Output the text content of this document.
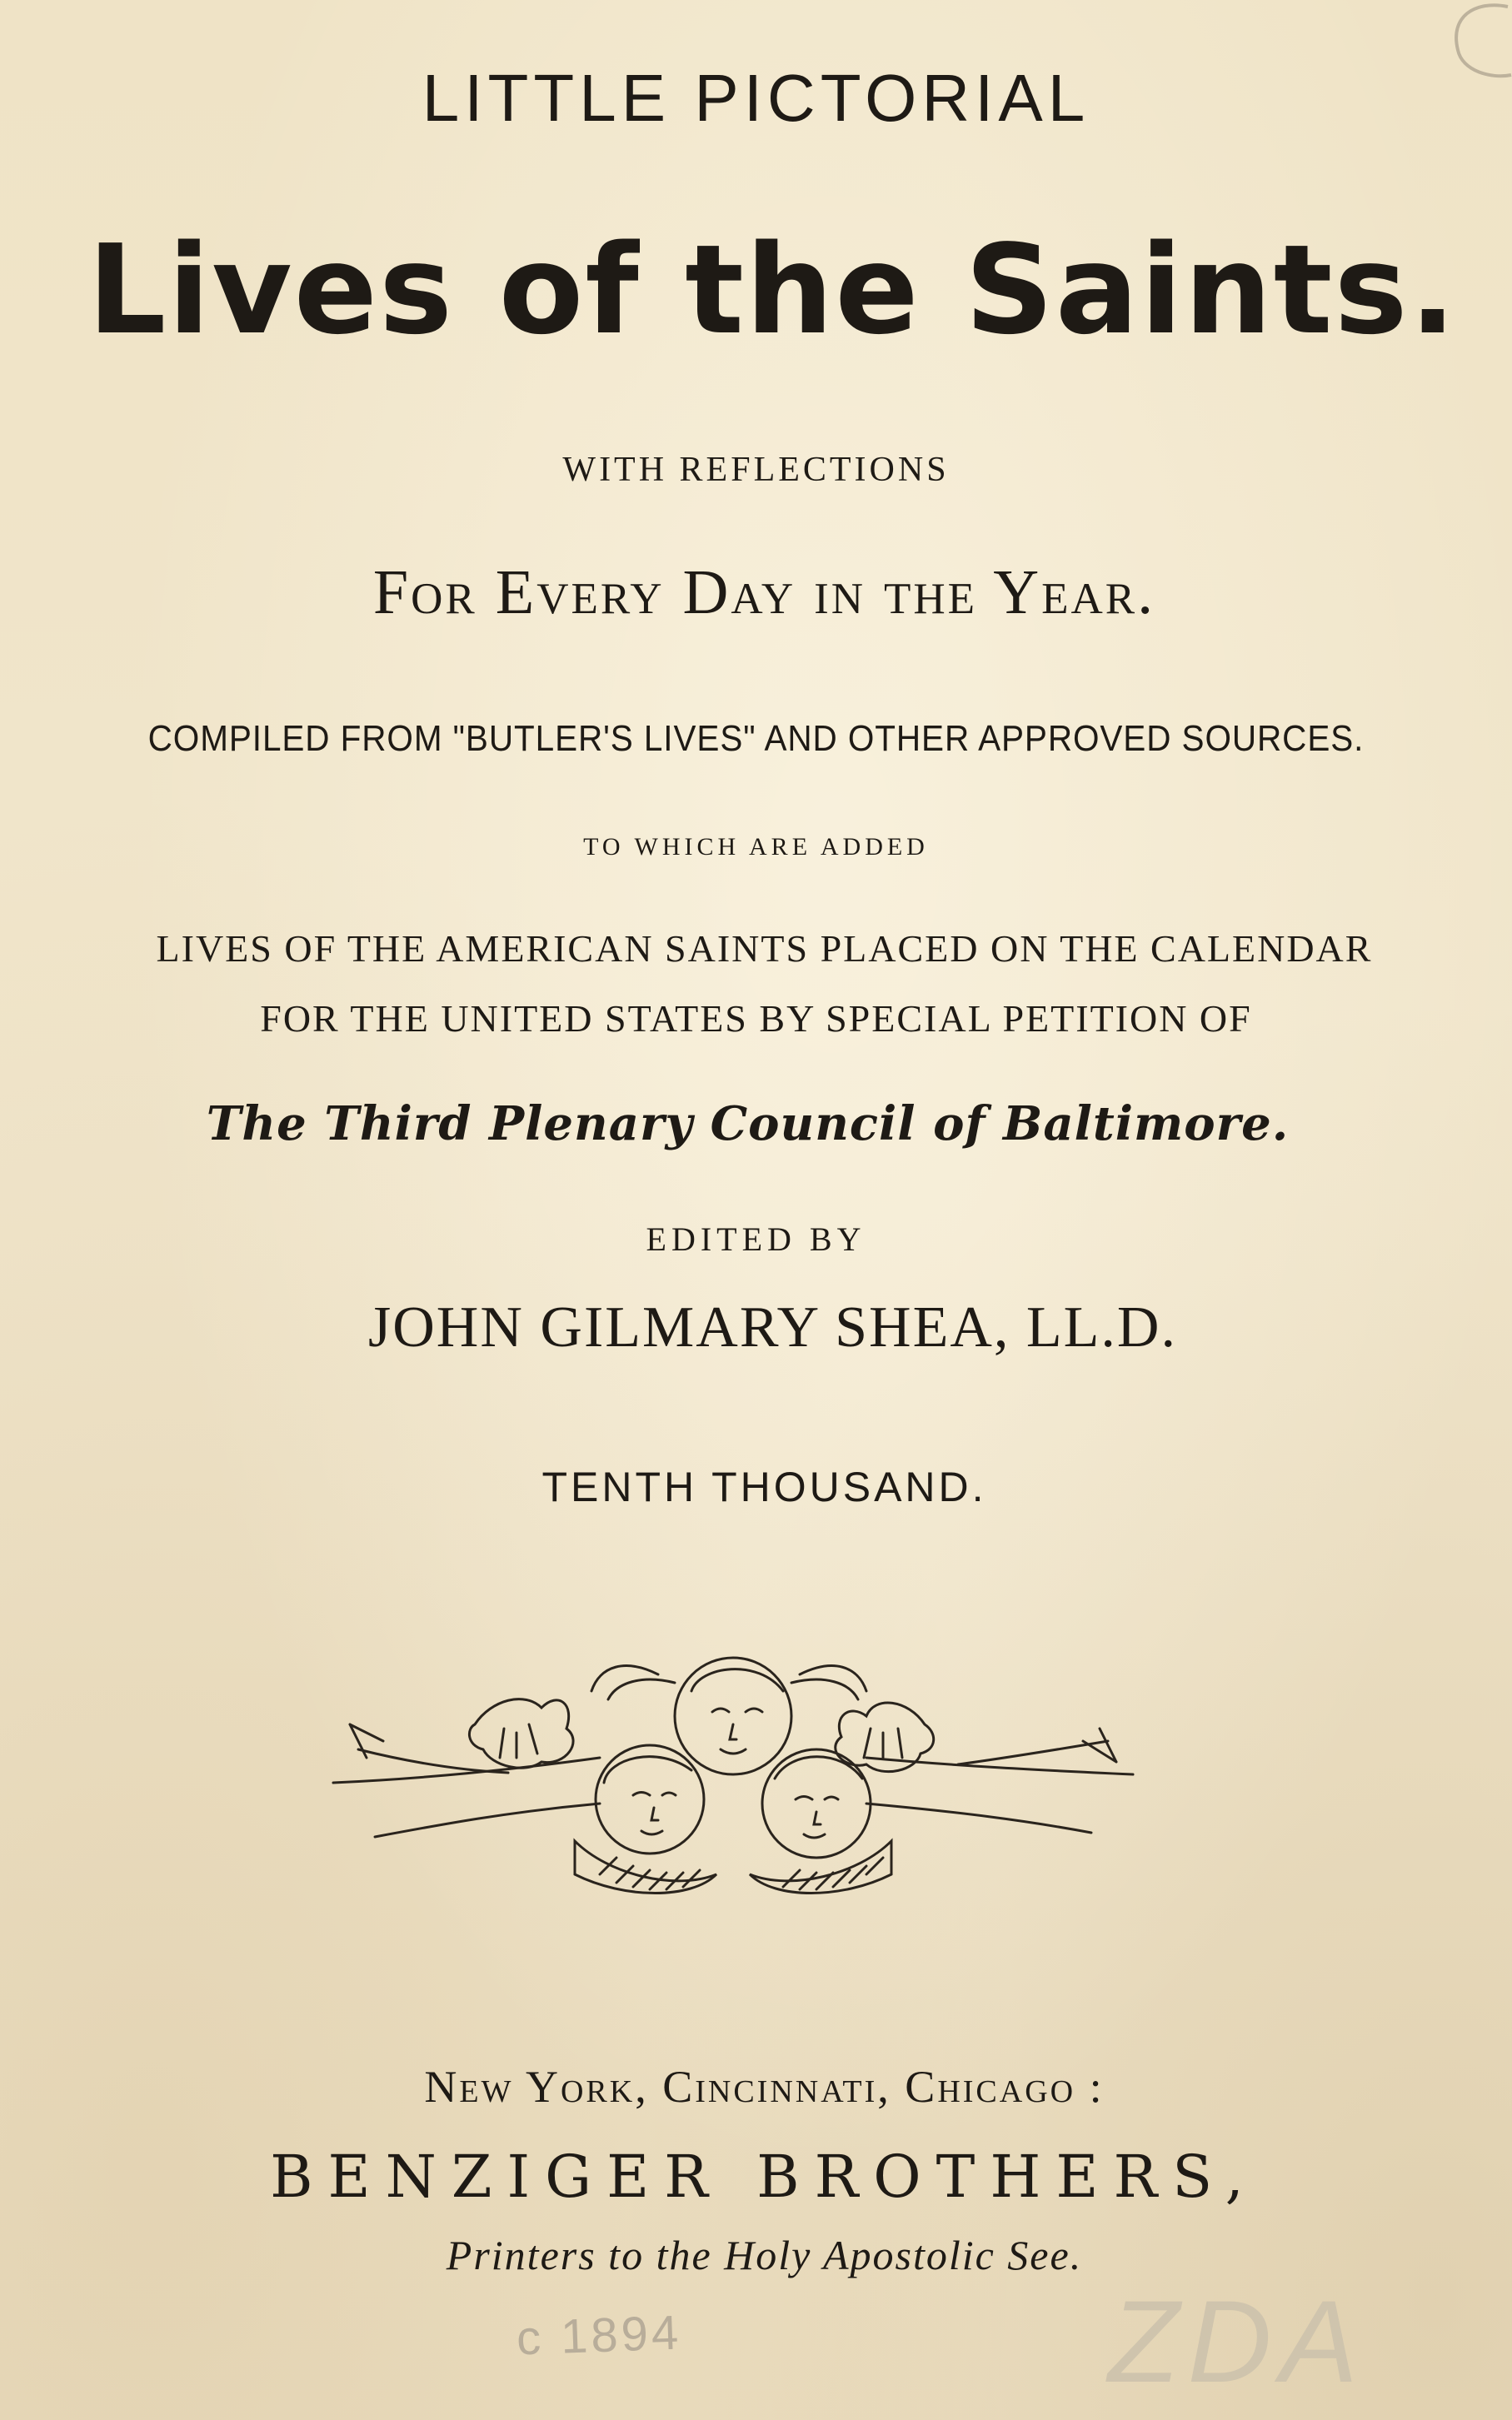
LITTLE PICTORIAL
Lives of the Saints.
WITH REFLECTIONS
For Every Day in the Year.
COMPILED FROM "BUTLER'S LIVES" AND OTHER APPROVED SOURCES.
TO WHICH ARE ADDED
LIVES OF THE AMERICAN SAINTS PLACED ON THE CALENDAR
FOR THE UNITED STATES BY SPECIAL PETITION OF
The Third Plenary Council of Baltimore.
EDITED BY
JOHN GILMARY SHEA, LL.D.
TENTH THOUSAND.
New York, Cincinnati, Chicago :
BENZIGER BROTHERS,
Printers to the Holy Apostolic See.
c 1894	ZDA
